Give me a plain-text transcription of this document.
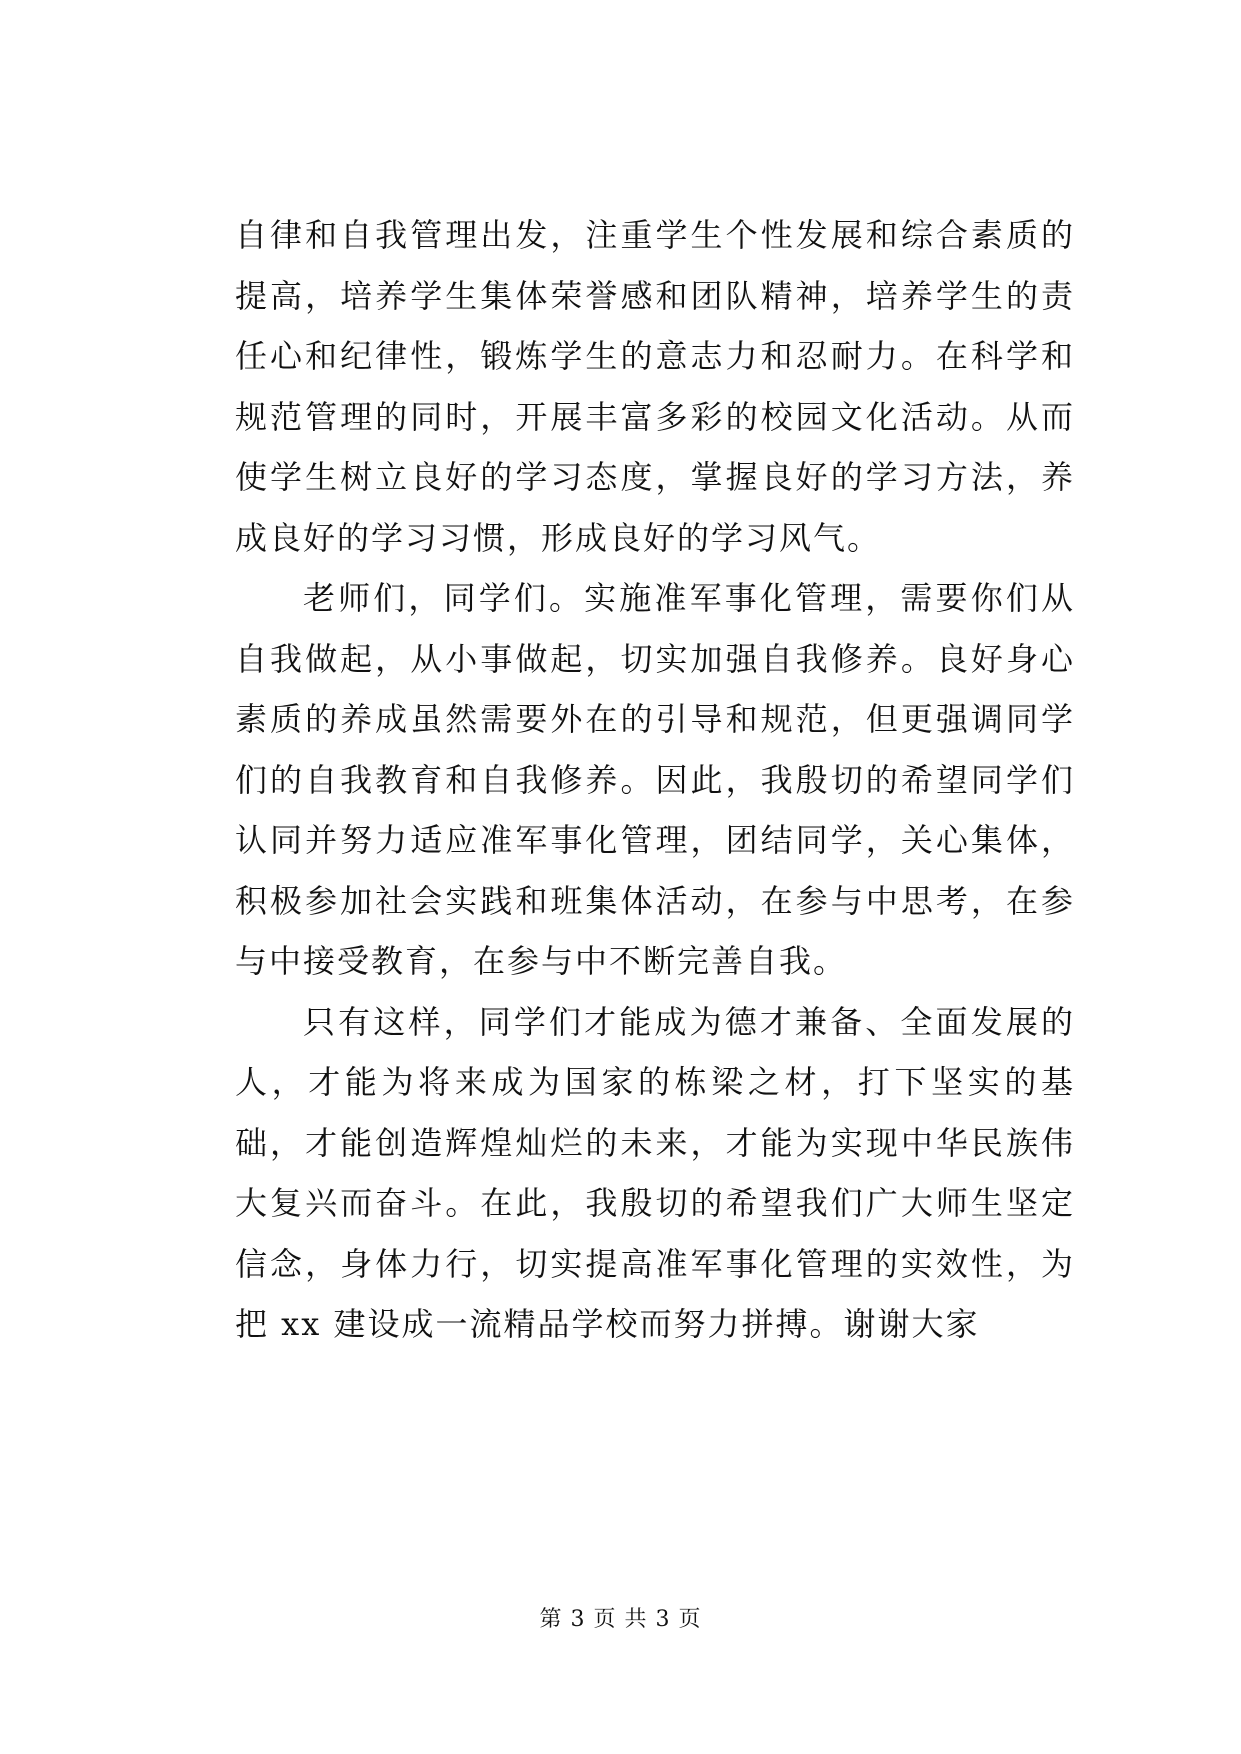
自律和自我管理出发，注重学生个性发展和综合素质的提高，培养学生集体荣誉感和团队精神，培养学生的责任心和纪律性，锻炼学生的意志力和忍耐力。在科学和规范管理的同时，开展丰富多彩的校园文化活动。从而使学生树立良好的学习态度，掌握良好的学习方法，养成良好的学习习惯，形成良好的学习风气。

老师们，同学们。实施准军事化管理，需要你们从自我做起，从小事做起，切实加强自我修养。良好身心素质的养成虽然需要外在的引导和规范，但更强调同学们的自我教育和自我修养。因此，我殷切的希望同学们认同并努力适应准军事化管理，团结同学，关心集体，积极参加社会实践和班集体活动，在参与中思考，在参与中接受教育，在参与中不断完善自我。

只有这样，同学们才能成为德才兼备、全面发展的人，才能为将来成为国家的栋梁之材，打下坚实的基础，才能创造辉煌灿烂的未来，才能为实现中华民族伟大复兴而奋斗。在此，我殷切的希望我们广大师生坚定信念，身体力行，切实提高准军事化管理的实效性，为把 xx 建设成一流精品学校而努力拼搏。谢谢大家

第 3 页 共 3 页
